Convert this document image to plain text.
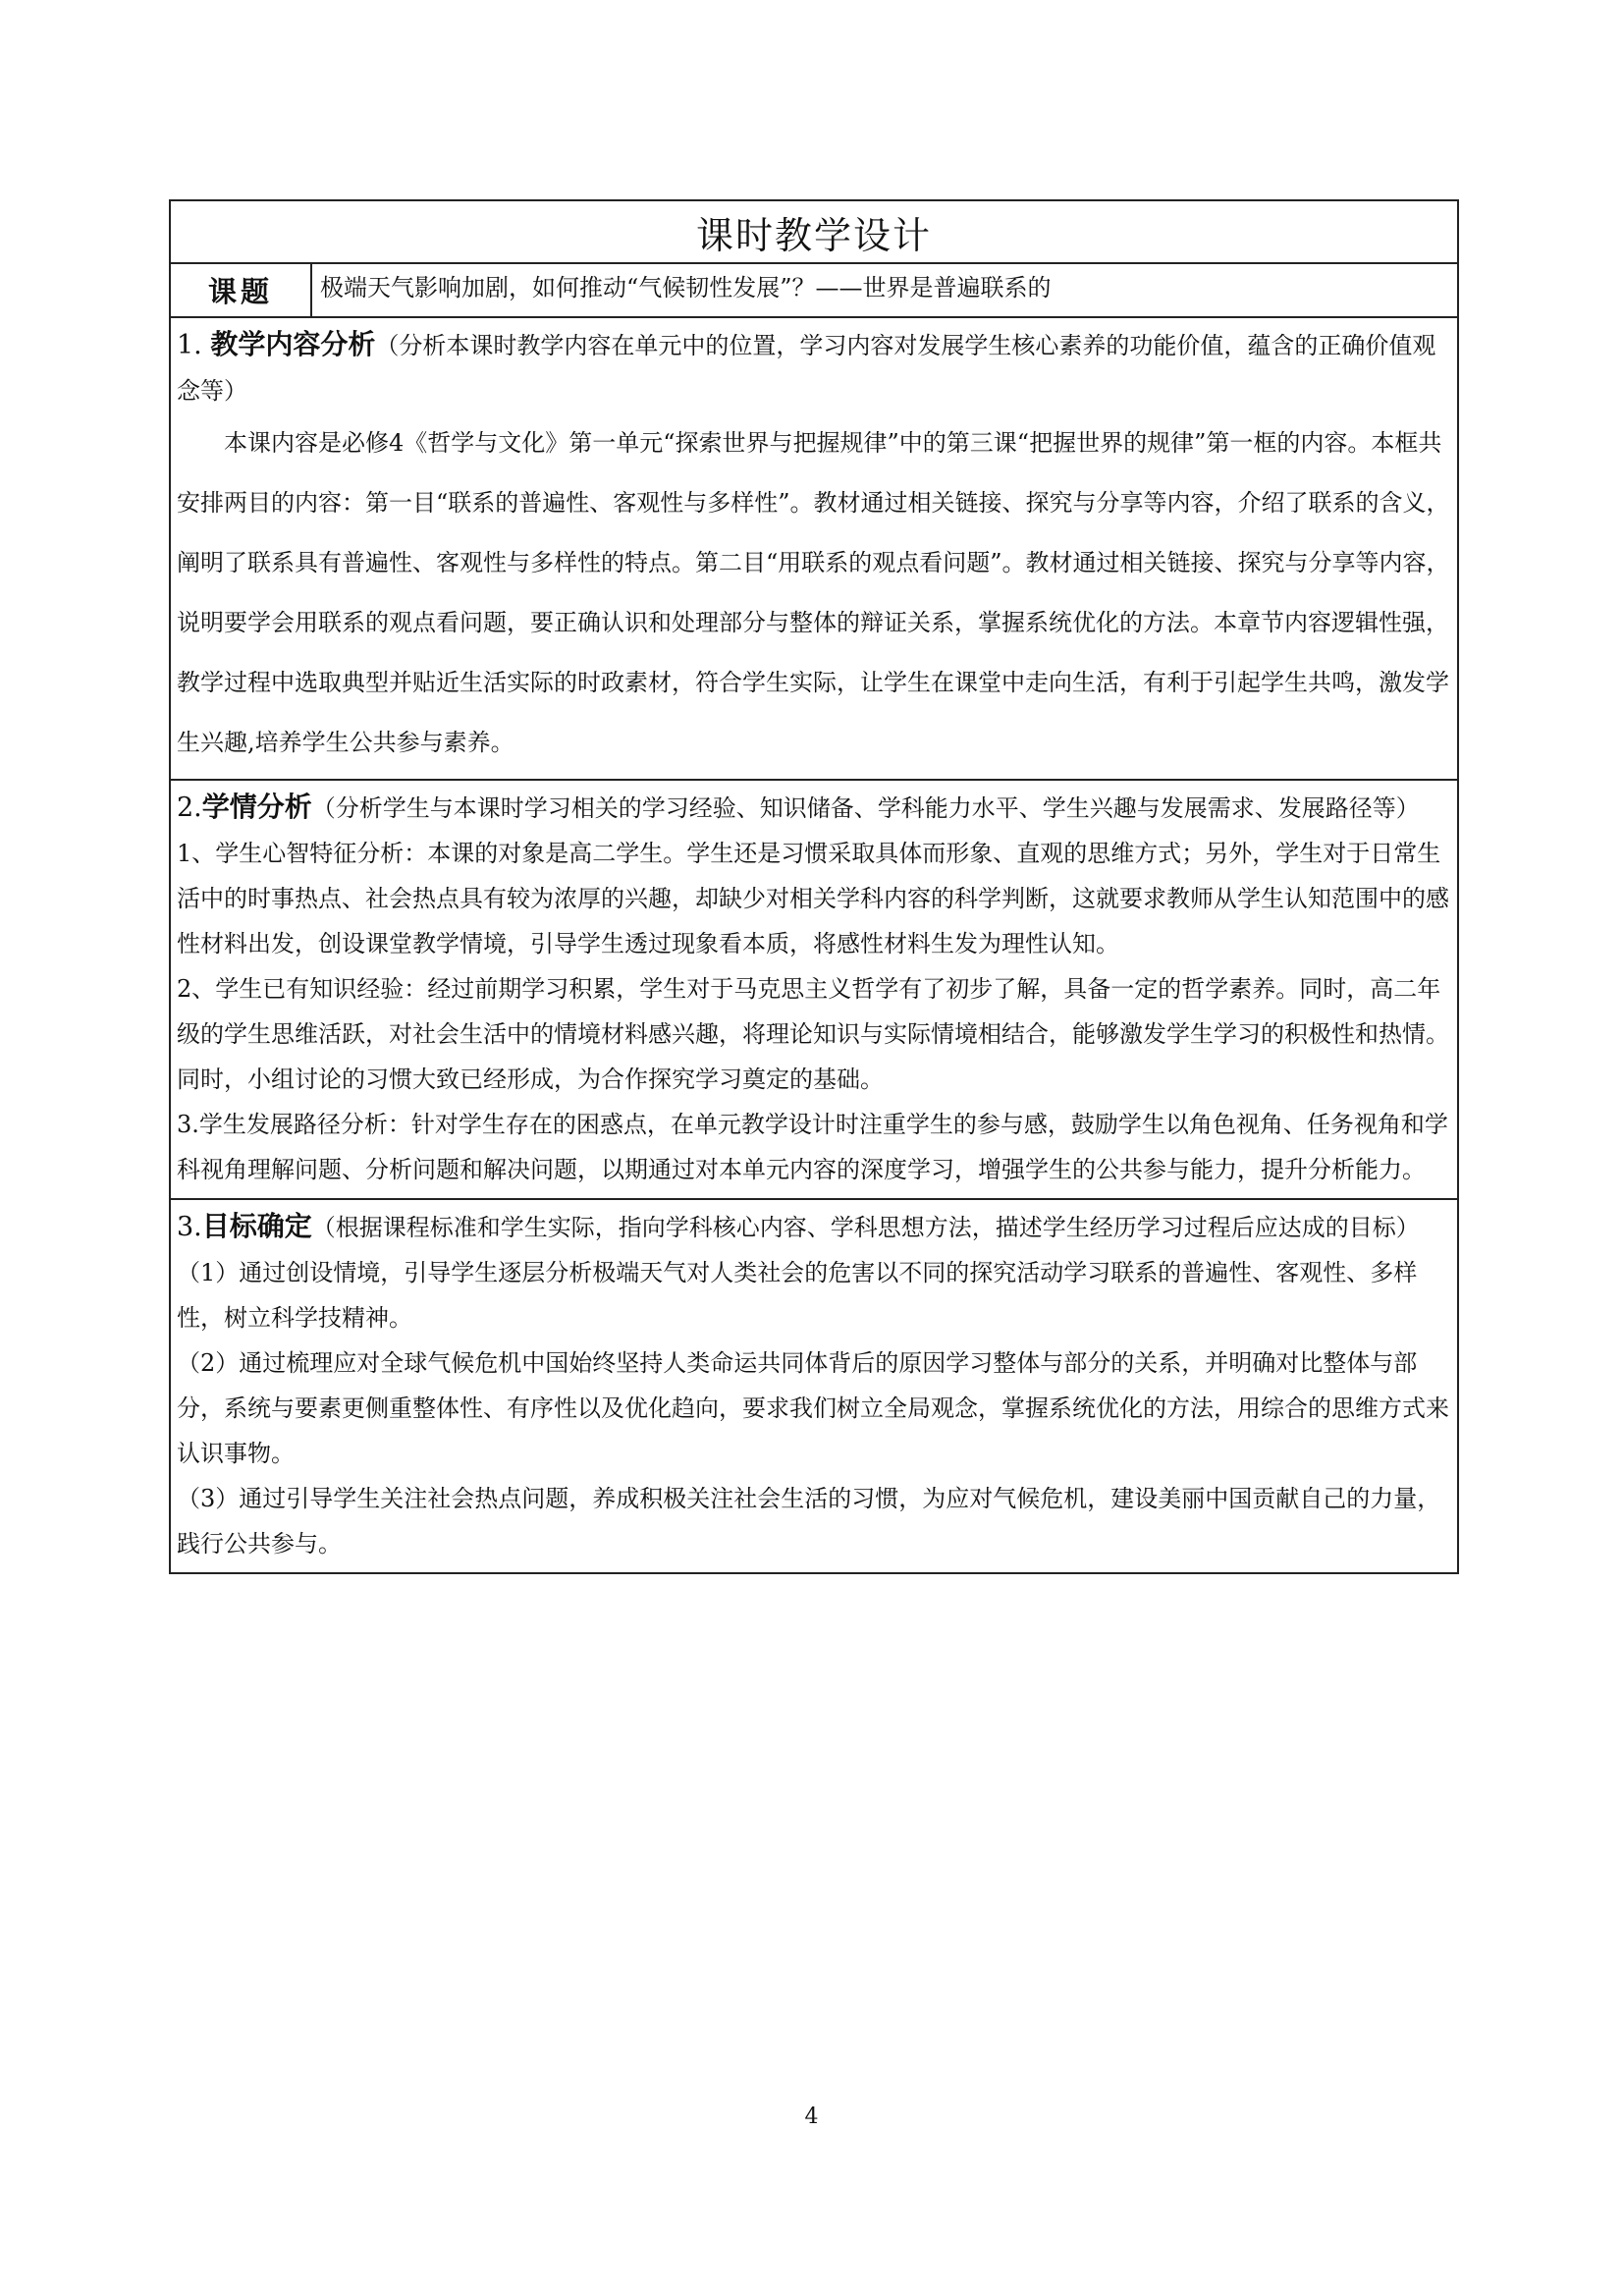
课时教学设计
课题	极端天气影响加剧，如何推动“气候韧性发展”？——世界是普遍联系的

1. 教学内容分析（分析本课时教学内容在单元中的位置，学习内容对发展学生核心素养的功能价值，蕴含的正确价值观念等）

本课内容是必修4《哲学与文化》第一单元“探索世界与把握规律”中的第三课“把握世界的规律”第一框的内容。本框共安排两目的内容：第一目“联系的普遍性、客观性与多样性”。教材通过相关链接、探究与分享等内容，介绍了联系的含义，阐明了联系具有普遍性、客观性与多样性的特点。第二目“用联系的观点看问题”。教材通过相关链接、探究与分享等内容，说明要学会用联系的观点看问题，要正确认识和处理部分与整体的辩证关系，掌握系统优化的方法。本章节内容逻辑性强，教学过程中选取典型并贴近生活实际的时政素材，符合学生实际，让学生在课堂中走向生活，有利于引起学生共鸣，激发学生兴趣,培养学生公共参与素养。

2.学情分析（分析学生与本课时学习相关的学习经验、知识储备、学科能力水平、学生兴趣与发展需求、发展路径等）

1、学生心智特征分析：本课的对象是高二学生。学生还是习惯采取具体而形象、直观的思维方式；另外，学生对于日常生活中的时事热点、社会热点具有较为浓厚的兴趣，却缺少对相关学科内容的科学判断，这就要求教师从学生认知范围中的感性材料出发，创设课堂教学情境，引导学生透过现象看本质，将感性材料生发为理性认知。

2、学生已有知识经验：经过前期学习积累，学生对于马克思主义哲学有了初步了解，具备一定的哲学素养。同时，高二年级的学生思维活跃，对社会生活中的情境材料感兴趣，将理论知识与实际情境相结合，能够激发学生学习的积极性和热情。同时，小组讨论的习惯大致已经形成，为合作探究学习奠定的基础。

3.学生发展路径分析：针对学生存在的困惑点，在单元教学设计时注重学生的参与感，鼓励学生以角色视角、任务视角和学科视角理解问题、分析问题和解决问题，以期通过对本单元内容的深度学习，增强学生的公共参与能力，提升分析能力。

3.目标确定（根据课程标准和学生实际，指向学科核心内容、学科思想方法，描述学生经历学习过程后应达成的目标）

（1）通过创设情境，引导学生逐层分析极端天气对人类社会的危害以不同的探究活动学习联系的普遍性、客观性、多样性，树立科学技精神。

（2）通过梳理应对全球气候危机中国始终坚持人类命运共同体背后的原因学习整体与部分的关系，并明确对比整体与部分，系统与要素更侧重整体性、有序性以及优化趋向，要求我们树立全局观念，掌握系统优化的方法，用综合的思维方式来认识事物。

（3）通过引导学生关注社会热点问题，养成积极关注社会生活的习惯，为应对气候危机，建设美丽中国贡献自己的力量，践行公共参与。

4
